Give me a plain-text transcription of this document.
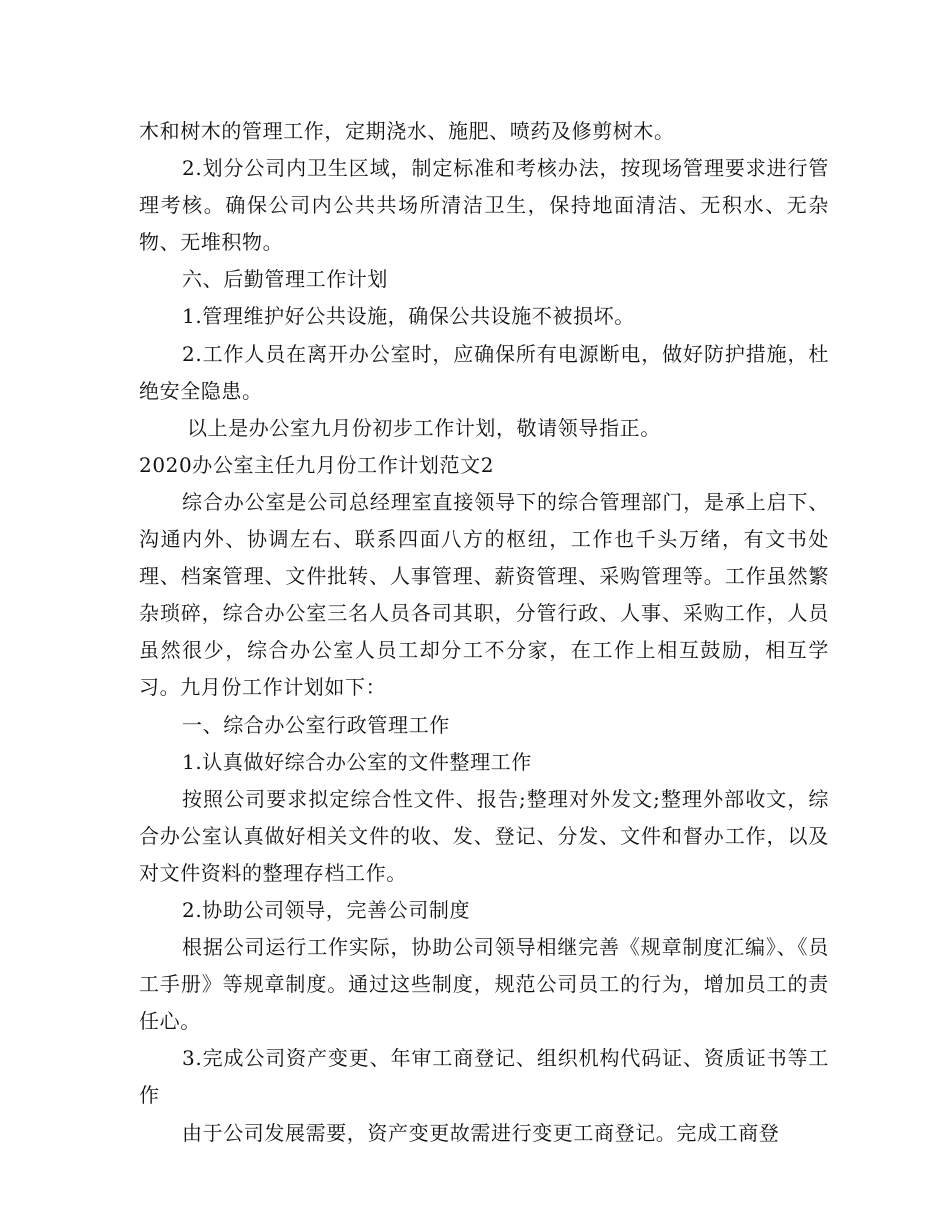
木和树木的管理工作，定期浇水、施肥、喷药及修剪树木。

2.划分公司内卫生区域，制定标准和考核办法，按现场管理要求进行管理考核。确保公司内公共共场所清洁卫生，保持地面清洁、无积水、无杂物、无堆积物。

六、后勤管理工作计划

1.管理维护好公共设施，确保公共设施不被损坏。

2.工作人员在离开办公室时，应确保所有电源断电，做好防护措施，杜绝安全隐患。

以上是办公室九月份初步工作计划，敬请领导指正。

2020办公室主任九月份工作计划范文2

综合办公室是公司总经理室直接领导下的综合管理部门，是承上启下、沟通内外、协调左右、联系四面八方的枢纽，工作也千头万绪，有文书处理、档案管理、文件批转、人事管理、薪资管理、采购管理等。工作虽然繁杂琐碎，综合办公室三名人员各司其职，分管行政、人事、采购工作，人员虽然很少，综合办公室人员工却分工不分家，在工作上相互鼓励，相互学习。九月份工作计划如下：

一、综合办公室行政管理工作

1.认真做好综合办公室的文件整理工作

按照公司要求拟定综合性文件、报告;整理对外发文;整理外部收文，综合办公室认真做好相关文件的收、发、登记、分发、文件和督办工作，以及对文件资料的整理存档工作。

2.协助公司领导，完善公司制度

根据公司运行工作实际，协助公司领导相继完善《规章制度汇编》、《员工手册》等规章制度。通过这些制度，规范公司员工的行为，增加员工的责任心。

3.完成公司资产变更、年审工商登记、组织机构代码证、资质证书等工作

由于公司发展需要，资产变更故需进行变更工商登记。完成工商登
